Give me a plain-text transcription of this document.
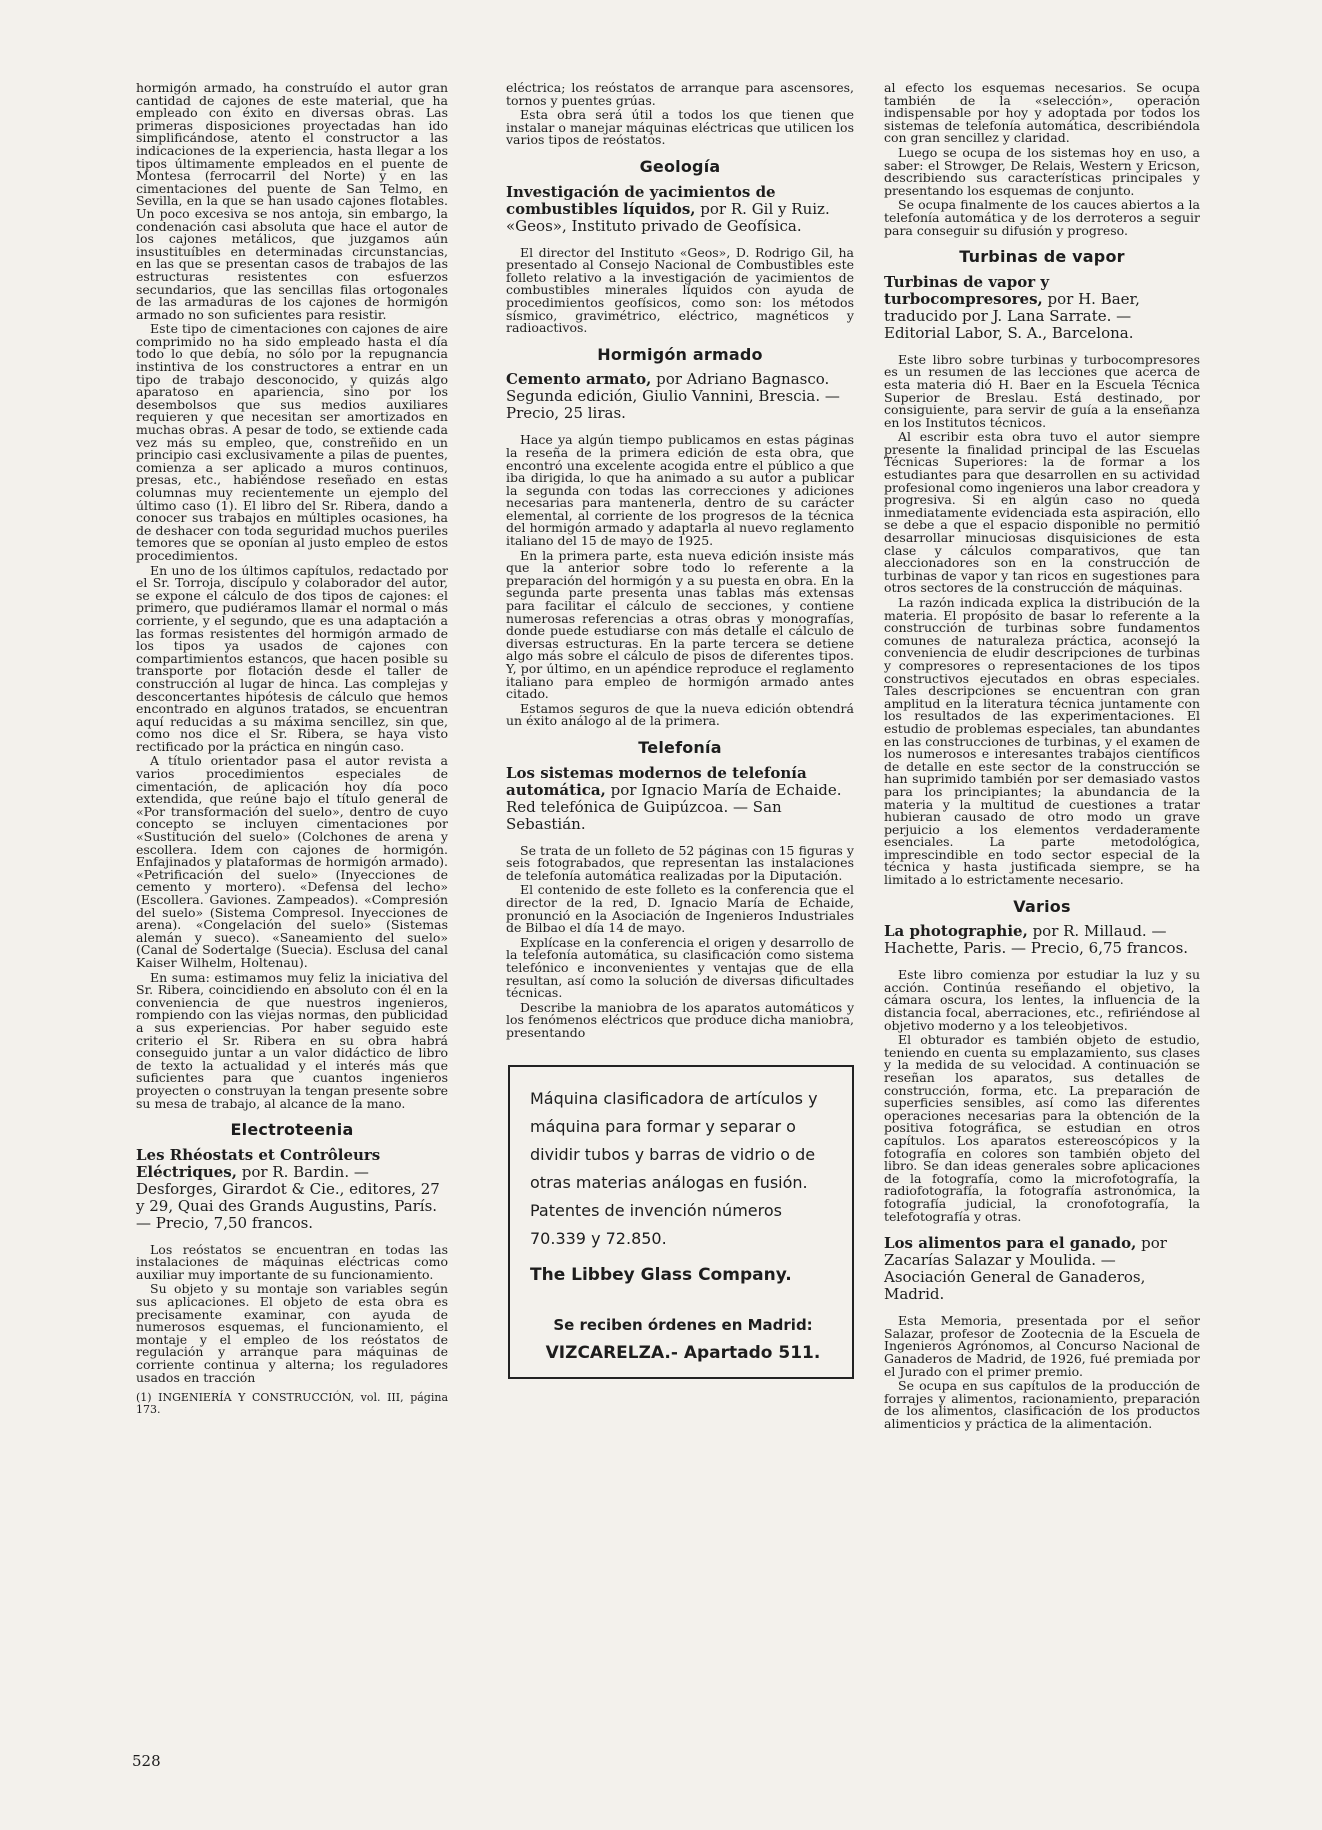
hormigón armado, ha construído el autor gran cantidad de cajones de este material, que ha empleado con éxito en diversas obras. Las primeras disposiciones proyectadas han ido simplificándose, atento el constructor a las indicaciones de la experiencia, hasta llegar a los tipos últimamente empleados en el puente de Montesa (ferrocarril del Norte) y en las cimentaciones del puente de San Telmo, en Sevilla, en la que se han usado cajones flotables. Un poco excesiva se nos antoja, sin embargo, la condenación casi absoluta que hace el autor de los cajones metálicos, que juzgamos aún insustituíbles en determinadas circunstancias, en las que se presentan casos de trabajos de las estructuras resistentes con esfuerzos secundarios, que las sencillas filas ortogonales de las armaduras de los cajones de hormigón armado no son suficientes para resistir.

Este tipo de cimentaciones con cajones de aire comprimido no ha sido empleado hasta el día todo lo que debía, no sólo por la repugnancia instintiva de los constructores a entrar en un tipo de trabajo desconocido, y quizás algo aparatoso en apariencia, sino por los desembolsos que sus medios auxiliares requieren y que necesitan ser amortizados en muchas obras. A pesar de todo, se extiende cada vez más su empleo, que, constreñido en un principio casi exclusivamente a pilas de puentes, comienza a ser aplicado a muros continuos, presas, etc., habiéndose reseñado en estas columnas muy recientemente un ejemplo del último caso (1). El libro del Sr. Ribera, dando a conocer sus trabajos en múltiples ocasiones, ha de deshacer con toda seguridad muchos pueriles temores que se oponían al justo empleo de estos procedimientos.

En uno de los últimos capítulos, redactado por el Sr. Torroja, discípulo y colaborador del autor, se expone el cálculo de dos tipos de cajones: el primero, que pudiéramos llamar el normal o más corriente, y el segundo, que es una adaptación a las formas resistentes del hormigón armado de los tipos ya usados de cajones con compartimientos estancos, que hacen posible su transporte por flotación desde el taller de construcción al lugar de hinca. Las complejas y desconcertantes hipótesis de cálculo que hemos encontrado en algunos tratados, se encuentran aquí reducidas a su máxima sencillez, sin que, como nos dice el Sr. Ribera, se haya visto rectificado por la práctica en ningún caso.

A título orientador pasa el autor revista a varios procedimientos especiales de cimentación, de aplicación hoy día poco extendida, que reúne bajo el título general de «Por transformación del suelo», dentro de cuyo concepto se incluyen cimentaciones por «Sustitución del suelo» (Colchones de arena y escollera. Idem con cajones de hormigón. Enfajinados y plataformas de hormigón armado). «Petrificación del suelo» (Inyecciones de cemento y mortero). «Defensa del lecho» (Escollera. Gaviones. Zampeados). «Compresión del suelo» (Sistema Compresol. Inyecciones de arena). «Congelación del suelo» (Sistemas alemán y sueco). «Saneamiento del suelo» (Canal de Sodertalge (Suecia). Esclusa del canal Kaiser Wilhelm, Holtenau).

En suma: estimamos muy feliz la iniciativa del Sr. Ribera, coincidiendo en absoluto con él en la conveniencia de que nuestros ingenieros, rompiendo con las viejas normas, den publicidad a sus experiencias. Por haber seguido este criterio el Sr. Ribera en su obra habrá conseguido juntar a un valor didáctico de libro de texto la actualidad y el interés más que suficientes para que cuantos ingenieros proyecten o construyan la tengan presente sobre su mesa de trabajo, al alcance de la mano.

Electroteenia
Les Rhéostats et Contrôleurs Eléctriques, por R. Bardin. — Desforges, Girardot & Cie., editores, 27 y 29, Quai des Grands Augustins, París. — Precio, 7,50 francos.

Los reóstatos se encuentran en todas las instalaciones de máquinas eléctricas como auxiliar muy importante de su funcionamiento.

Su objeto y su montaje son variables según sus aplicaciones. El objeto de esta obra es precisamente examinar, con ayuda de numerosos esquemas, el funcionamiento, el montaje y el empleo de los reóstatos de regulación y arranque para máquinas de corriente continua y alterna; los reguladores usados en tracción

(1) INGENIERÍA Y CONSTRUCCIÓN, vol. III, página 173.

eléctrica; los reóstatos de arranque para ascensores, tornos y puentes grúas.

Esta obra será útil a todos los que tienen que instalar o manejar máquinas eléctricas que utilicen los varios tipos de reóstatos.

Geología
Investigación de yacimientos de combustibles líquidos, por R. Gil y Ruiz. «Geos», Instituto privado de Geofísica.

El director del Instituto «Geos», D. Rodrigo Gil, ha presentado al Consejo Nacional de Combustibles este folleto relativo a la investigación de yacimientos de combustibles minerales líquidos con ayuda de procedimientos geofísicos, como son: los métodos sísmico, gravimétrico, eléctrico, magnéticos y radioactivos.

Hormigón armado
Cemento armato, por Adriano Bagnasco. Segunda edición, Giulio Vannini, Brescia. — Precio, 25 liras.

Hace ya algún tiempo publicamos en estas páginas la reseña de la primera edición de esta obra, que encontró una excelente acogida entre el público a que iba dirigida, lo que ha animado a su autor a publicar la segunda con todas las correcciones y adiciones necesarias para mantenerla, dentro de su carácter elemental, al corriente de los progresos de la técnica del hormigón armado y adaptarla al nuevo reglamento italiano del 15 de mayo de 1925.

En la primera parte, esta nueva edición insiste más que la anterior sobre todo lo referente a la preparación del hormigón y a su puesta en obra. En la segunda parte presenta unas tablas más extensas para facilitar el cálculo de secciones, y contiene numerosas referencias a otras obras y monografías, donde puede estudiarse con más detalle el cálculo de diversas estructuras. En la parte tercera se detiene algo más sobre el cálculo de pisos de diferentes tipos. Y, por último, en un apéndice reproduce el reglamento italiano para empleo de hormigón armado antes citado.

Estamos seguros de que la nueva edición obtendrá un éxito análogo al de la primera.

Telefonía
Los sistemas modernos de telefonía automática, por Ignacio María de Echaide. Red telefónica de Guipúzcoa. — San Sebastián.

Se trata de un folleto de 52 páginas con 15 figuras y seis fotograbados, que representan las instalaciones de telefonía automática realizadas por la Diputación.

El contenido de este folleto es la conferencia que el director de la red, D. Ignacio María de Echaide, pronunció en la Asociación de Ingenieros Industriales de Bilbao el día 14 de mayo.

Explícase en la conferencia el origen y desarrollo de la telefonía automática, su clasificación como sistema telefónico e inconvenientes y ventajas que de ella resultan, así como la solución de diversas dificultades técnicas.

Describe la maniobra de los aparatos automáticos y los fenómenos eléctricos que produce dicha maniobra, presentando

Máquina clasificadora de artículos y máquina para formar y separar o dividir tubos y barras de vidrio o de otras materias análogas en fusión. Patentes de invención números 70.339 y 72.850.
The Libbey Glass Company.
Se reciben órdenes en Madrid:
VIZCARELZA.- Apartado 511.

al efecto los esquemas necesarios. Se ocupa también de la «selección», operación indispensable por hoy y adoptada por todos los sistemas de telefonía automática, describiéndola con gran sencillez y claridad.

Luego se ocupa de los sistemas hoy en uso, a saber: el Strowger, De Relais, Western y Ericson, describiendo sus características principales y presentando los esquemas de conjunto.

Se ocupa finalmente de los cauces abiertos a la telefonía automática y de los derroteros a seguir para conseguir su difusión y progreso.

Turbinas de vapor
Turbinas de vapor y turbocompresores, por H. Baer, traducido por J. Lana Sarrate. — Editorial Labor, S. A., Barcelona.

Este libro sobre turbinas y turbocompresores es un resumen de las lecciones que acerca de esta materia dió H. Baer en la Escuela Técnica Superior de Breslau. Está destinado, por consiguiente, para servir de guía a la enseñanza en los Institutos técnicos.

Al escribir esta obra tuvo el autor siempre presente la finalidad principal de las Escuelas Técnicas Superiores: la de formar a los estudiantes para que desarrollen en su actividad profesional como ingenieros una labor creadora y progresiva. Si en algún caso no queda inmediatamente evidenciada esta aspiración, ello se debe a que el espacio disponible no permitió desarrollar minuciosas disquisiciones de esta clase y cálculos comparativos, que tan aleccionadores son en la construcción de turbinas de vapor y tan ricos en sugestiones para otros sectores de la construcción de máquinas.

La razón indicada explica la distribución de la materia. El propósito de basar lo referente a la construcción de turbinas sobre fundamentos comunes de naturaleza práctica, aconsejó la conveniencia de eludir descripciones de turbinas y compresores o representaciones de los tipos constructivos ejecutados en obras especiales. Tales descripciones se encuentran con gran amplitud en la literatura técnica juntamente con los resultados de las experimentaciones. El estudio de problemas especiales, tan abundantes en las construcciones de turbinas, y el examen de los numerosos e interesantes trabajos científicos de detalle en este sector de la construcción se han suprimido también por ser demasiado vastos para los principiantes; la abundancia de la materia y la multitud de cuestiones a tratar hubieran causado de otro modo un grave perjuicio a los elementos verdaderamente esenciales. La parte metodológica, imprescindible en todo sector especial de la técnica y hasta justificada siempre, se ha limitado a lo estrictamente necesario.

Varios
La photographie, por R. Millaud. — Hachette, Paris. — Precio, 6,75 francos.

Este libro comienza por estudiar la luz y su acción. Continúa reseñando el objetivo, la cámara oscura, los lentes, la influencia de la distancia focal, aberraciones, etc., refiriéndose al objetivo moderno y a los teleobjetivos.

El obturador es también objeto de estudio, teniendo en cuenta su emplazamiento, sus clases y la medida de su velocidad. A continuación se reseñan los aparatos, sus detalles de construcción, forma, etc. La preparación de superficies sensibles, así como las diferentes operaciones necesarias para la obtención de la positiva fotográfica, se estudian en otros capítulos. Los aparatos estereoscópicos y la fotografía en colores son también objeto del libro. Se dan ideas generales sobre aplicaciones de la fotografía, como la microfotografía, la radiofotografía, la fotografía astronómica, la fotografía judicial, la cronofotografía, la telefotografía y otras.

Los alimentos para el ganado, por Zacarías Salazar y Moulida. — Asociación General de Ganaderos, Madrid.

Esta Memoria, presentada por el señor Salazar, profesor de Zootecnia de la Escuela de Ingenieros Agrónomos, al Concurso Nacional de Ganaderos de Madrid, de 1926, fué premiada por el Jurado con el primer premio.

Se ocupa en sus capítulos de la producción de forrajes y alimentos, racionamiento, preparación de los alimentos, clasificación de los productos alimenticios y práctica de la alimentación.

528
